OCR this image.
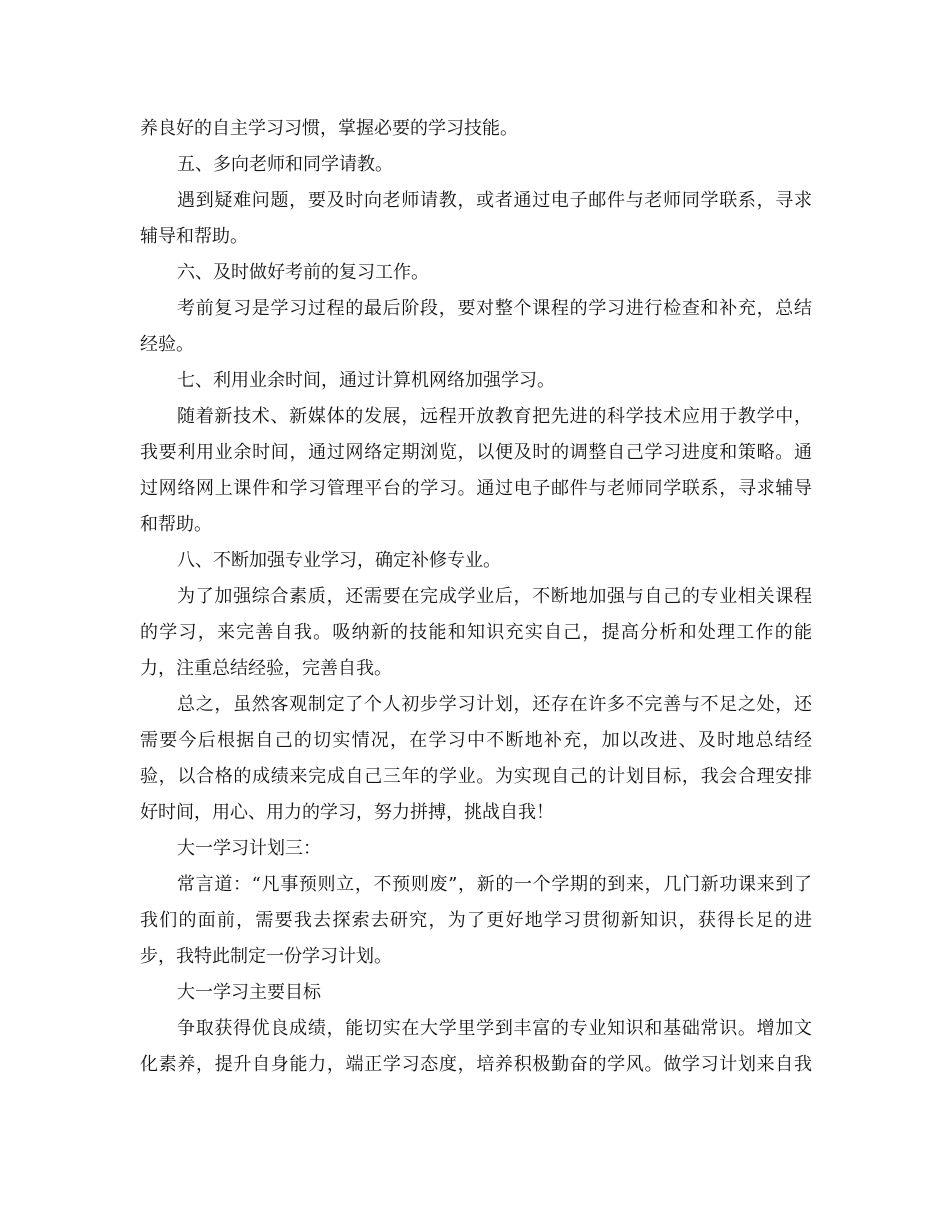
养良好的自主学习习惯，掌握必要的学习技能。
五、多向老师和同学请教。
遇到疑难问题，要及时向老师请教，或者通过电子邮件与老师同学联系，寻求
辅导和帮助。
六、及时做好考前的复习工作。
考前复习是学习过程的最后阶段，要对整个课程的学习进行检查和补充，总结
经验。
七、利用业余时间，通过计算机网络加强学习。
随着新技术、新媒体的发展，远程开放教育把先进的科学技术应用于教学中，
我要利用业余时间，通过网络定期浏览，以便及时的调整自己学习进度和策略。通
过网络网上课件和学习管理平台的学习。通过电子邮件与老师同学联系，寻求辅导
和帮助。
八、不断加强专业学习，确定补修专业。
为了加强综合素质，还需要在完成学业后，不断地加强与自己的专业相关课程
的学习，来完善自我。吸纳新的技能和知识充实自己，提高分析和处理工作的能
力，注重总结经验，完善自我。
总之，虽然客观制定了个人初步学习计划，还存在许多不完善与不足之处，还
需要今后根据自己的切实情况，在学习中不断地补充，加以改进、及时地总结经
验，以合格的成绩来完成自己三年的学业。为实现自己的计划目标，我会合理安排
好时间，用心、用力的学习，努力拼搏，挑战自我！
大一学习计划三：
常言道：“凡事预则立，不预则废”，新的一个学期的到来，几门新功课来到了
我们的面前，需要我去探索去研究，为了更好地学习贯彻新知识，获得长足的进
步，我特此制定一份学习计划。
大一学习主要目标
争取获得优良成绩，能切实在大学里学到丰富的专业知识和基础常识。增加文
化素养，提升自身能力，端正学习态度，培养积极勤奋的学风。做学习计划来自我
